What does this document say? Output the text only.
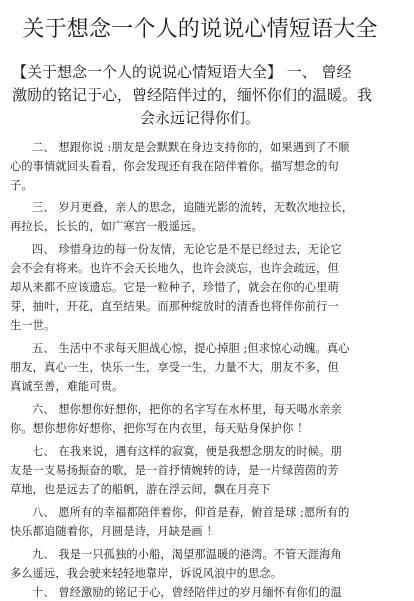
关于想念一个人的说说心情短语大全
【关于想念一个人的说说心情短语大全】 一、 曾经
激励的铭记于心，曾经陪伴过的，缅怀你们的温暖。我
会永远记得你们。
二、 想跟你说 :朋友是会默默在身边支持你的，如果遇到了不顺
心的事情就回头看看，你会发现还有我在陪伴着你。描写想念的句
子。
三、 岁月更叠，亲人的思念，追随光影的流转，无数次地拉长，
再拉长，长长的，如广寒宫一般遥远。
四、 珍惜身边的每一份友情，无论它是不是已经过去，无论它
会不会有将来。也许不会天长地久，也许会淡忘，也许会疏远，但
却从来都不应该遗忘。它是一粒种子，珍惜了，就会在你的心里萌
芽，抽叶，开花，直至结果。而那种绽放时的清香也将伴你前行一
生一世。
五、 生活中不求每天胆战心惊，提心掉胆 ;但求惊心动魄。真心
朋友，真心一生，快乐一生，享受一生，力量不大，朋友不多，但
真诚至善，难能可贵。
六、 想你想你好想你，把你的名字写在水杯里，每天喝水亲亲
你。想你想你好想你，把你写在内衣里，每天贴身保护你 ！
七、 在我来说，遇有这样的寂寞，便是我想念朋友的时候。朋
友是一支易扬振奋的歌，是一首抒情婉转的诗，是一片绿茵茵的芳
草地，也是远去了的船帆，游在浮云间，飘在月亮下
八、 愿所有的幸福都陪伴着你，仰首是春，俯首是球 ;愿所有的
快乐都追随着你，月圆是诗，月缺是画 ！
九、 我是一只孤独的小船，渴望那温暖的港湾。不管天涯海角
多么遥远，我会驶来轻轻地靠岸，诉说风浪中的思念。
十、 曾经激励的铭记于心，曾经陪伴过的岁月缅怀有你们的温
